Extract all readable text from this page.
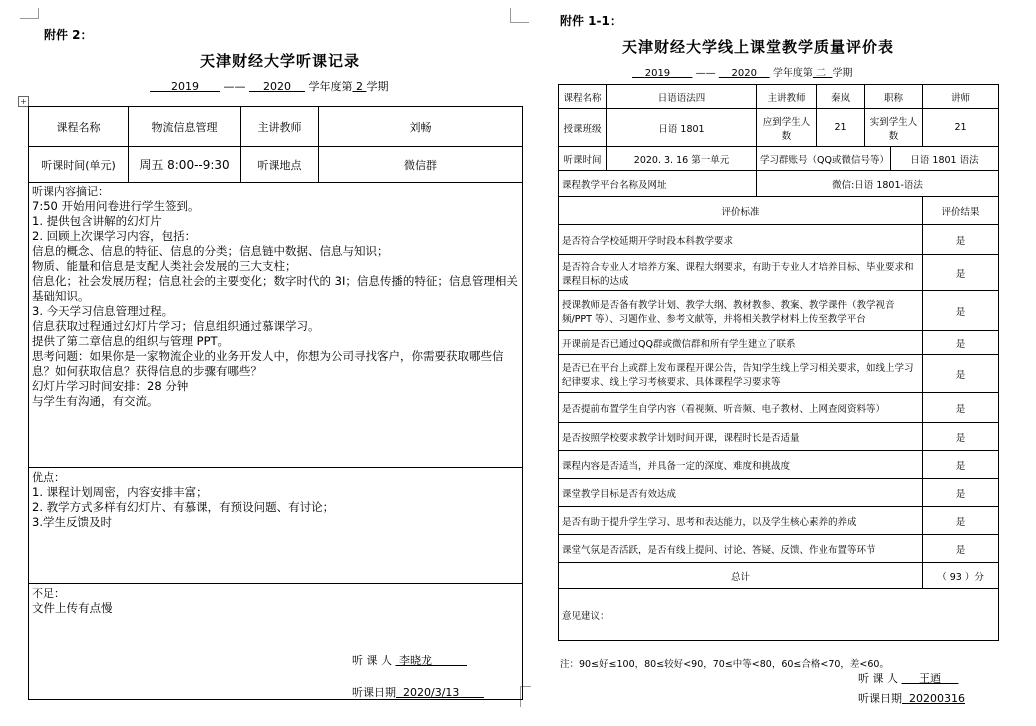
附件 2：
天津财经大学听课记录
2019 —— 2020 学年度第 2 学期
+
课程名称	物流信息管理	主讲教师	刘畅
听课时间(单元)	周五 8:00--9:30	听课地点	微信群

听课内容摘记：

7:50 开始用问卷进行学生签到。

1. 提供包含讲解的幻灯片

2. 回顾上次课学习内容，包括：

信息的概念、信息的特征、信息的分类；信息链中数据、信息与知识；

物质、能量和信息是支配人类社会发展的三大支柱；

信息化；社会发展历程；信息社会的主要变化；数字时代的 3I；信息传播的特征；信息管理相关基础知识。

3. 今天学习信息管理过程。

信息获取过程通过幻灯片学习；信息组织通过慕课学习。

提供了第二章信息的组织与管理 PPT。

思考问题：如果你是一家物流企业的业务开发人中，你想为公司寻找客户，你需要获取哪些信息？如何获取信息？获得信息的步骤有哪些？

幻灯片学习时间安排：28 分钟

与学生有沟通，有交流。

优点：

1. 课程计划周密，内容安排丰富；

2. 教学方式多样有幻灯片、有慕课，有预设问题、有讨论；

3.学生反馈及时

不足：

文件上传有点慢

听 课 人 李晓龙
听课日期 2020/3/13
附件 1-1：
天津财经大学线上课堂教学质量评价表
2019	—— 2020 学年度第 二 学期
课程名称	日语语法四	主讲教师	秦岚	职称		讲师
授课班级	日语 1801	应到学生人数	21	实到学生人数		21
听课时间	2020. 3. 16 第一单元	学习群账号（QQ或微信号等）			日语 1801 语法	
课程教学平台名称及网址		微信:日语 1801-语法				
评价标准						评价结果
是否符合学校延期开学时段本科教学要求						是
是否符合专业人才培养方案、课程大纲要求，有助于专业人才培养目标、毕业要求和课程目标的达成						是
授课教师是否备有教学计划、教学大纲、教材教参、教案、教学课件（教学视音频/PPT 等）、习题作业、参考文献等，并将相关教学材料上传至教学平台						是
开课前是否已通过QQ群或微信群和所有学生建立了联系						是
是否已在平台上或群上发布课程开课公告，告知学生线上学习相关要求，如线上学习纪律要求、线上学习考核要求、具体课程学习要求等						是
是否提前布置学生自学内容（看视频、听音频、电子教材、上网查阅资料等）						是
是否按照学校要求教学计划时间开课，课程时长是否适量						是
课程内容是否适当，并具备一定的深度、难度和挑战度						是
课堂教学目标是否有效达成						是
是否有助于提升学生学习、思考和表达能力，以及学生核心素养的养成						是
课堂气氛是否活跃，是否有线上提问、讨论、答疑、反馈、作业布置等环节						是
总计						（ 93 ）分
意见建议：						
注：90≤好≤100，80≤较好<90，70≤中等<80，60≤合格<70，差<60。
听 课 人 王迺
听课日期 20200316
